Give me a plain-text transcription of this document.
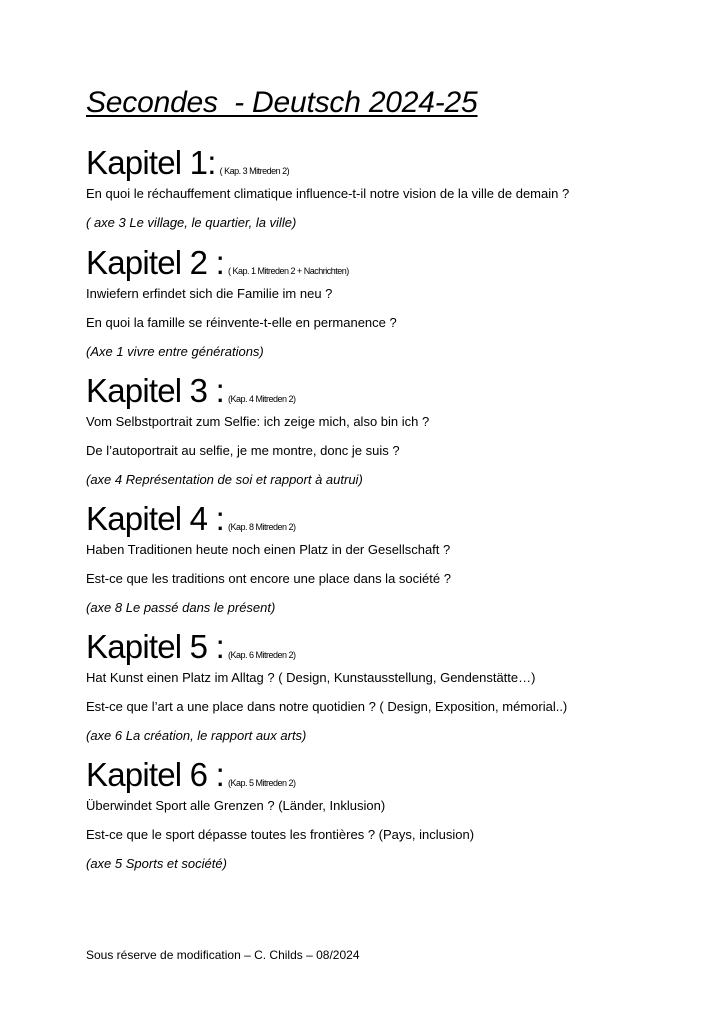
Secondes  - Deutsch 2024-25
Kapitel 1: ( Kap. 3 Mitreden 2)

En quoi le réchauffement climatique influence-t-il notre vision de la ville de demain ?

( axe 3 Le village, le quartier, la ville)

Kapitel 2 : ( Kap. 1 Mitreden 2 + Nachrichten)

Inwiefern erfindet sich die Familie im neu ?

En quoi la famille se réinvente-t-elle en permanence ?

(Axe 1 vivre entre générations)

Kapitel 3 : (Kap. 4 Mitreden 2)

Vom Selbstportrait zum Selfie: ich zeige mich, also bin ich ?

De l’autoportrait au selfie, je me montre, donc je suis ?

(axe 4 Représentation de soi et rapport à autrui)

Kapitel 4 : (Kap. 8 Mitreden 2)

Haben Traditionen heute noch einen Platz in der Gesellschaft ?

Est-ce que les traditions ont encore une place dans la société ?

(axe 8 Le passé dans le présent)

Kapitel 5 : (Kap. 6 Mitreden 2)

Hat Kunst einen Platz im Alltag ? ( Design, Kunstausstellung, Gendenstätte…)

Est-ce que l’art a une place dans notre quotidien ? ( Design, Exposition, mémorial..)

(axe 6 La création, le rapport aux arts)

Kapitel 6 : (Kap. 5 Mitreden 2)

Überwindet Sport alle Grenzen ? (Länder, Inklusion)

Est-ce que le sport dépasse toutes les frontières ? (Pays, inclusion)

(axe 5 Sports et société)

Sous réserve de modification – C. Childs – 08/2024
